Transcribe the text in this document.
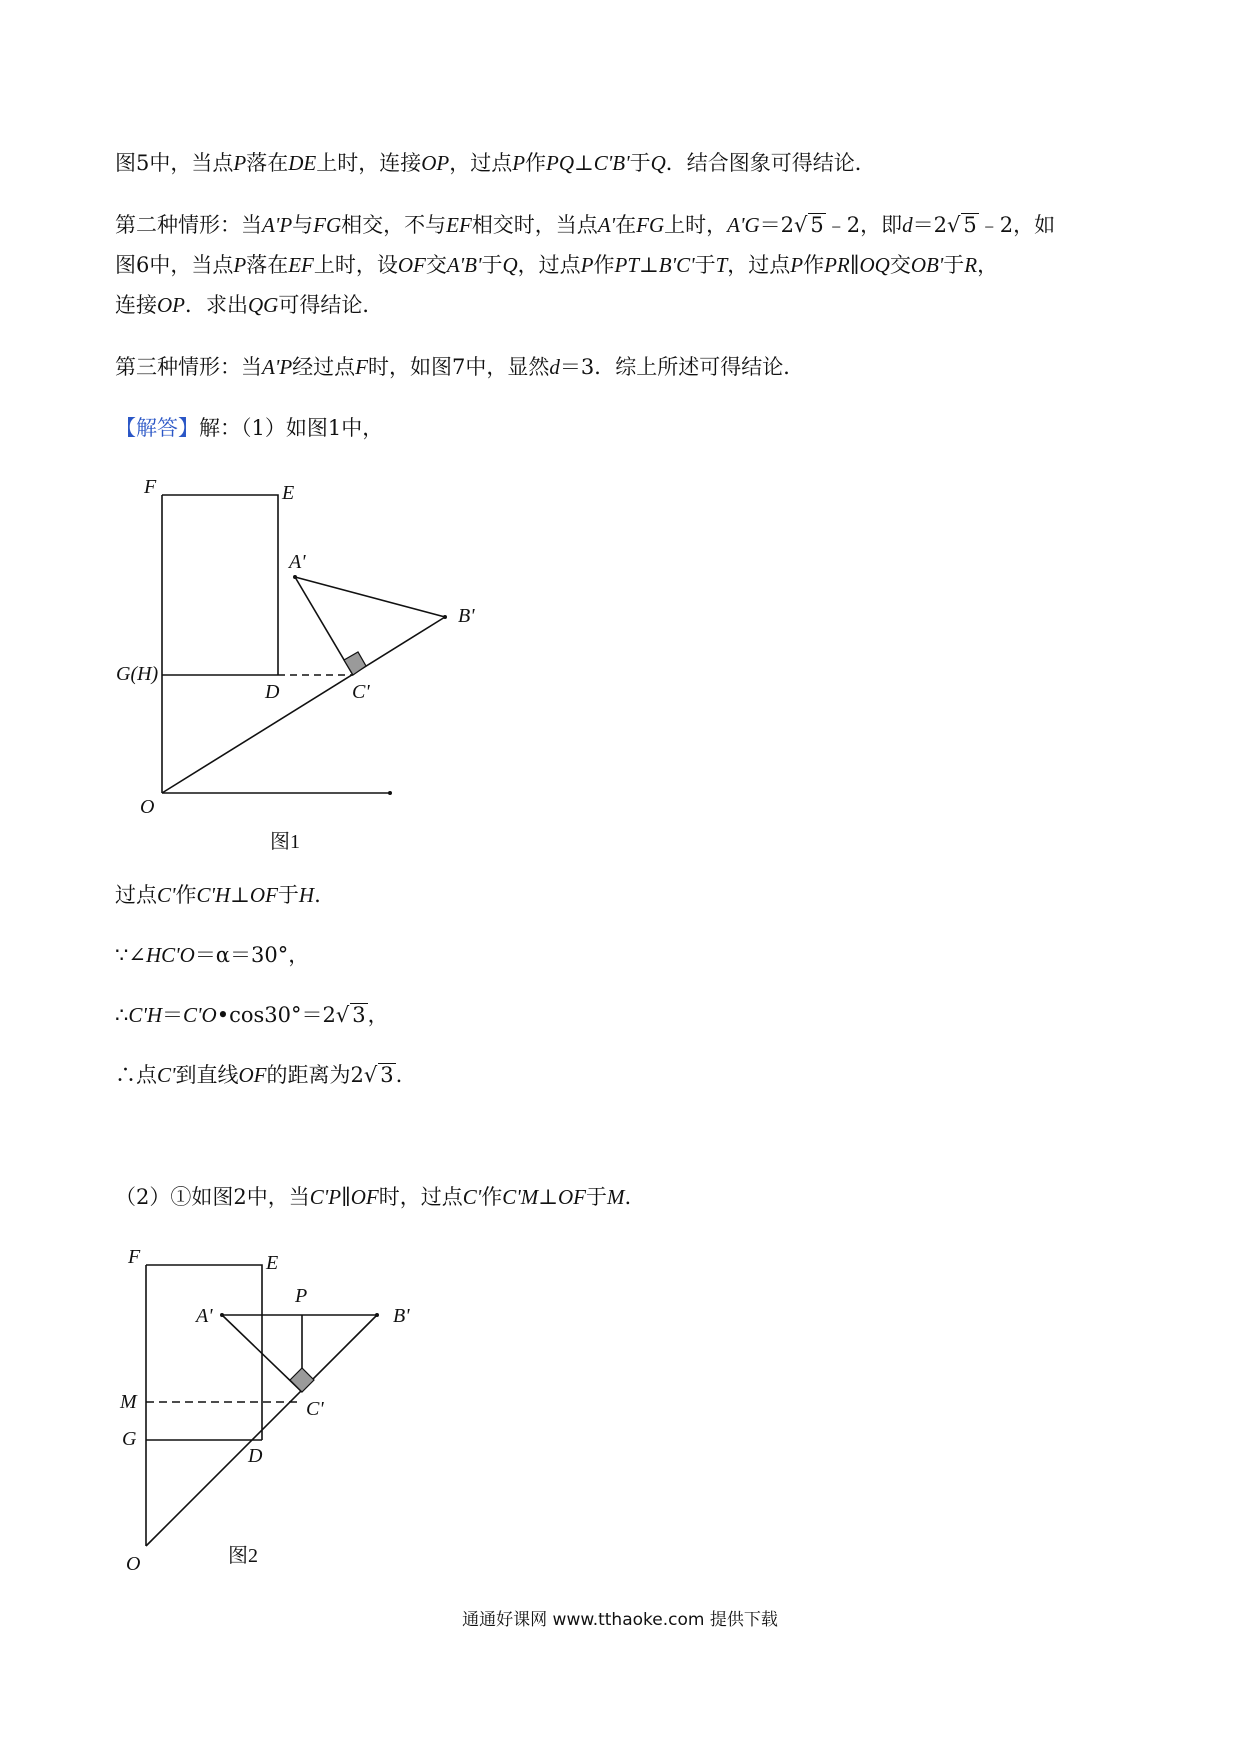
图5中，当点P落在DE上时，连接OP，过点P作PQ⊥C'B'于Q．结合图象可得结论．
第二种情形：当A'P与FG相交，不与EF相交时，当点A'在FG上时，A'G＝2√ 5﹣2，即d＝2√ 5﹣2，如
图6中，当点P落在EF上时，设OF交A'B'于Q，过点P作PT⊥B'C'于T，过点P作PR∥OQ交OB'于R，
连接OP．求出QG可得结论．
第三种情形：当A'P经过点F时，如图7中，显然d＝3．综上所述可得结论．
【解答】解：（1）如图1中，
F	E
A'
B'
G(H)
D	C'
O
图1
过点C'作C'H⊥OF于H.
∵∠HC'O＝α＝30°，
∴C'H＝C'O•cos30°＝2√ 3，
∴点C'到直线OF的距离为2√ 3.
（2）①如图2中，当C'P∥OF时，过点C'作C'M⊥OF于M.
F	E
A'
P
B'
M	C'
G
D
O	图2
通通好课网 www.tthaoke.com 提供下载
